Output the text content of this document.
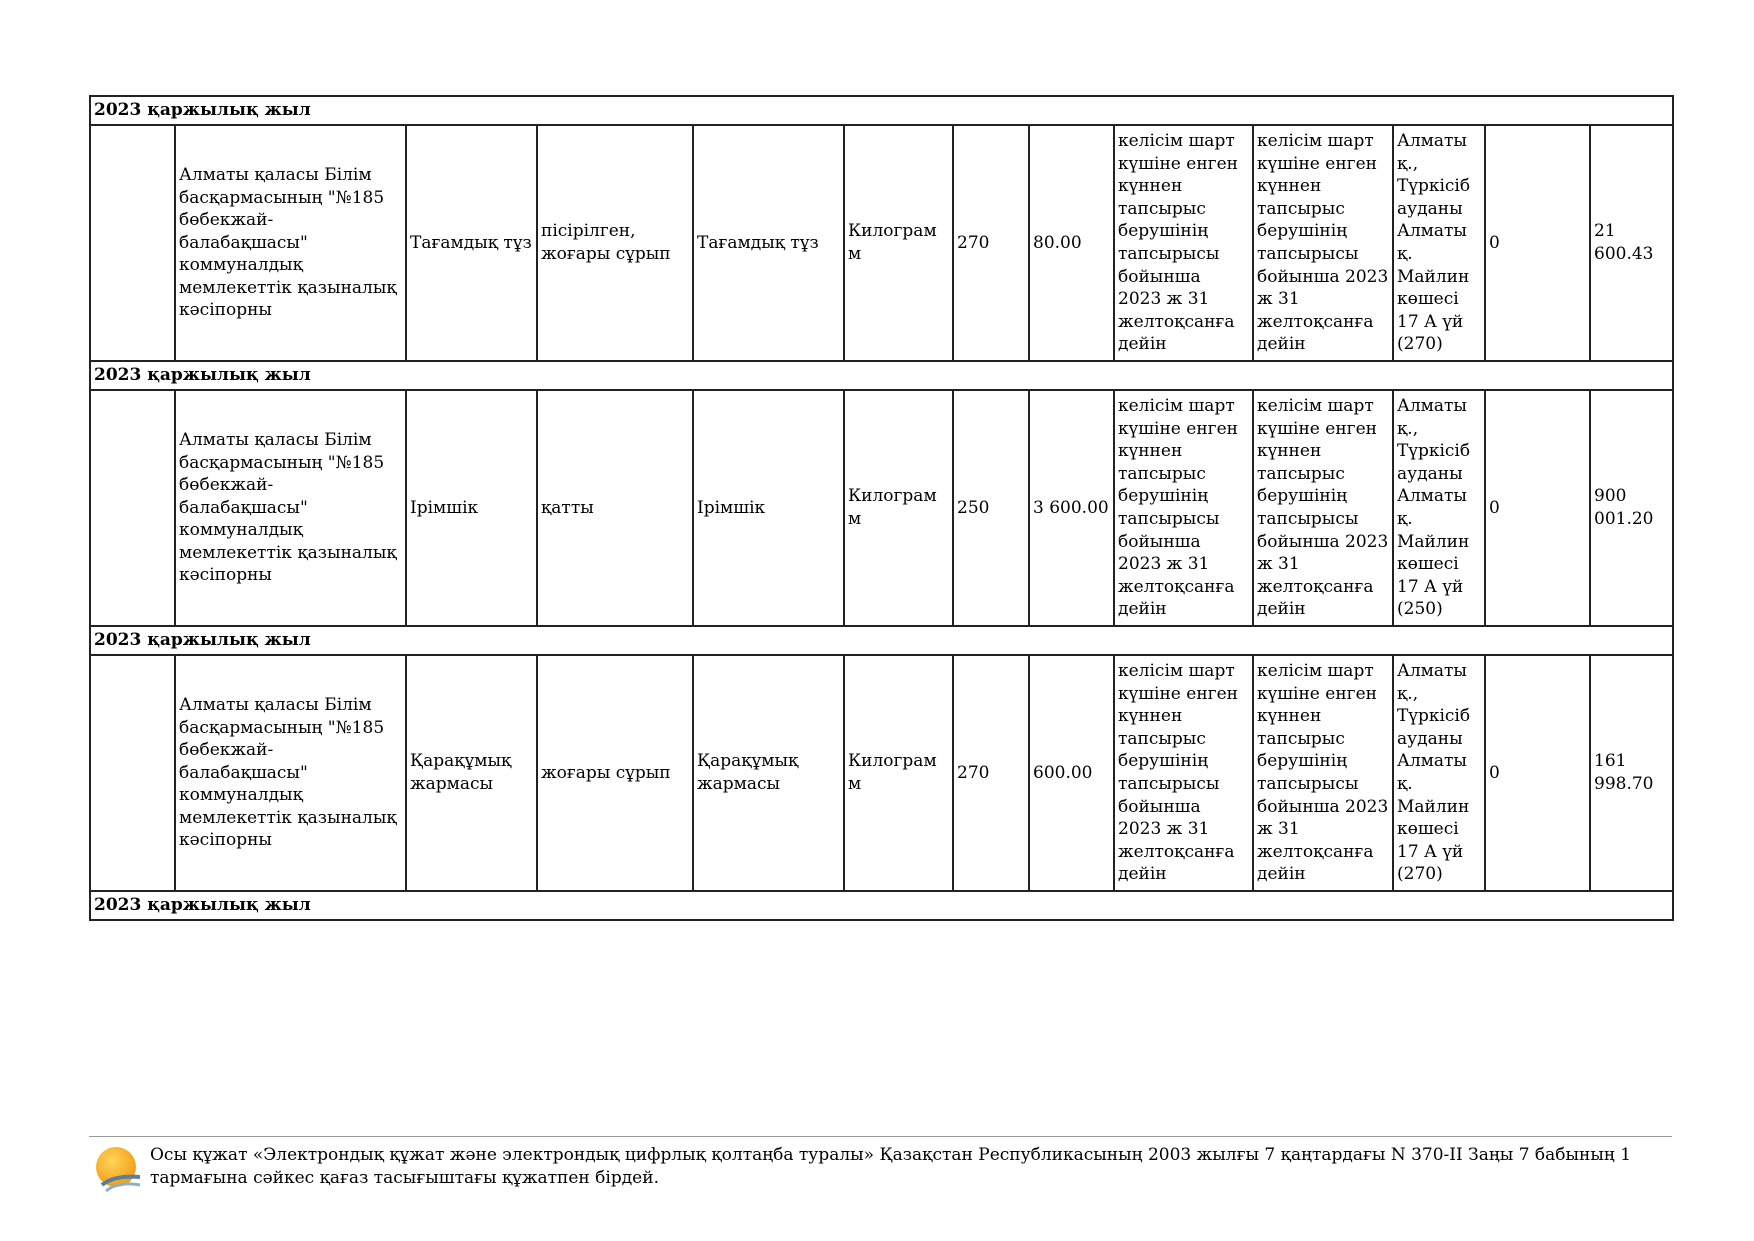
2023 қаржылық жыл												
	Алматы қаласы Білім басқармасының "№185 бөбекжай-балабақшасы" коммуналдық мемлекеттік қазыналық кәсіпорны	Тағамдық тұз	пісірілген, жоғары сұрып	Тағамдық тұз	Килограмм	270	80.00	келісім шарт күшіне енген күннен тапсырыс берушінің тапсырысы бойынша 2023 ж 31 желтоқсанға дейін	келісім шарт күшіне енген күннен тапсырыс берушінің тапсырысы бойынша 2023 ж 31 желтоқсанға дейін	Алматы қ., Түркісіб ауданы Алматы қ. Майлин көшесі 17 А үй (270)	0	21 600.43
2023 қаржылық жыл												
	Алматы қаласы Білім басқармасының "№185 бөбекжай-балабақшасы" коммуналдық мемлекеттік қазыналық кәсіпорны	Ірімшік	қатты	Ірімшік	Килограмм	250	3 600.00	келісім шарт күшіне енген күннен тапсырыс берушінің тапсырысы бойынша 2023 ж 31 желтоқсанға дейін	келісім шарт күшіне енген күннен тапсырыс берушінің тапсырысы бойынша 2023 ж 31 желтоқсанға дейін	Алматы қ., Түркісіб ауданы Алматы қ. Майлин көшесі 17 А үй (250)	0	900 001.20
2023 қаржылық жыл												
	Алматы қаласы Білім басқармасының "№185 бөбекжай-балабақшасы" коммуналдық мемлекеттік қазыналық кәсіпорны	Қарақұмық жармасы	жоғары сұрып	Қарақұмық жармасы	Килограмм	270	600.00	келісім шарт күшіне енген күннен тапсырыс берушінің тапсырысы бойынша 2023 ж 31 желтоқсанға дейін	келісім шарт күшіне енген күннен тапсырыс берушінің тапсырысы бойынша 2023 ж 31 желтоқсанға дейін	Алматы қ., Түркісіб ауданы Алматы қ. Майлин көшесі 17 А үй (270)	0	161 998.70
2023 қаржылық жыл												
Осы құжат «Электрондық құжат және электрондық цифрлық қолтаңба туралы» Қазақстан Республикасының 2003 жылғы 7 қаңтардағы N 370-II Заңы 7 бабының 1 тармағына сәйкес қағаз тасығыштағы құжатпен бірдей.
